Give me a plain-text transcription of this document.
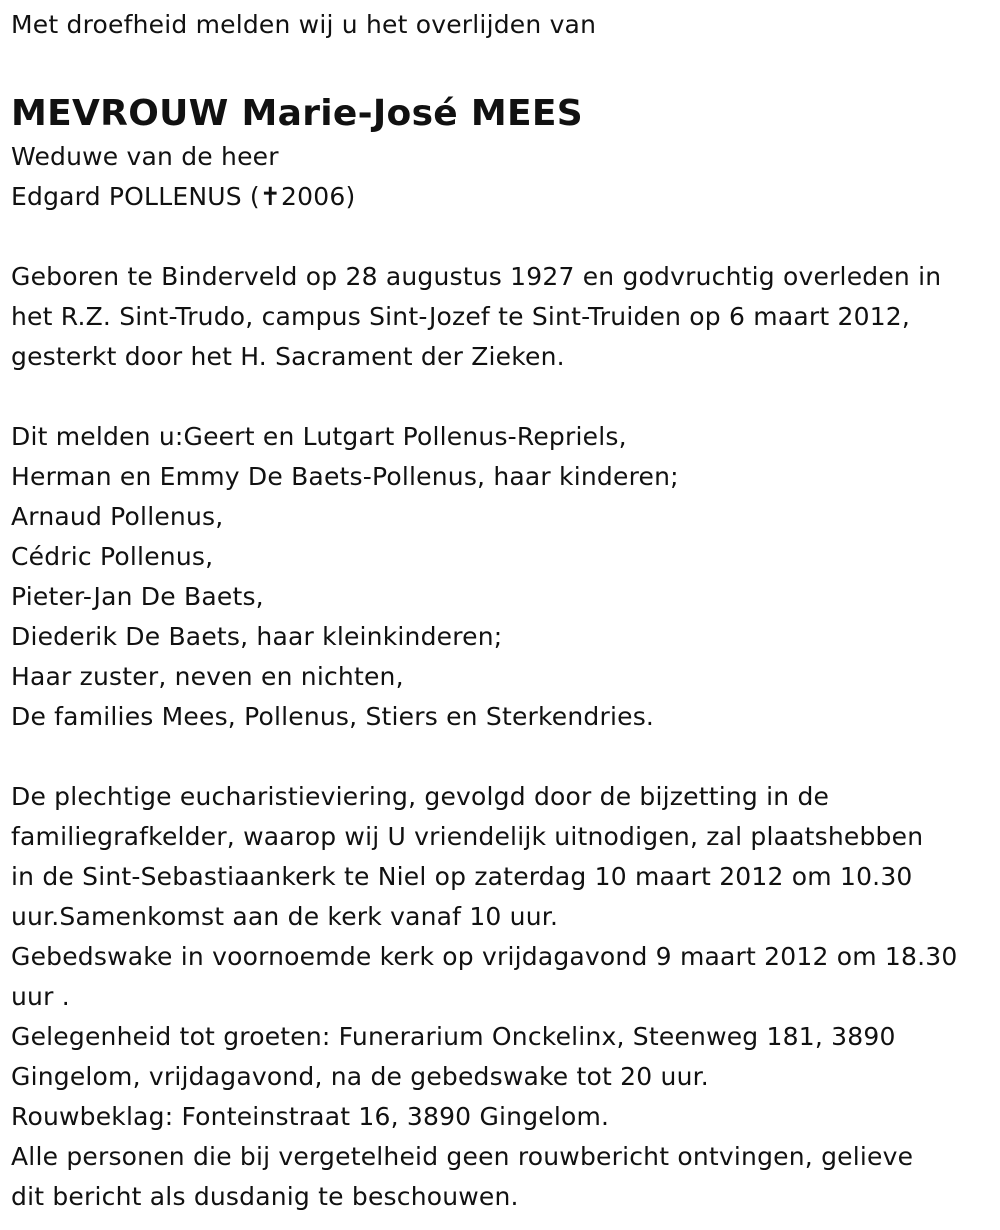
Met droefheid melden wij u het overlijden van
MEVROUW Marie-José MEES
Weduwe van de heer
Edgard POLLENUS (✝2006)
Geboren te Binderveld op 28 augustus 1927 en godvruchtig overleden in
het R.Z. Sint-Trudo, campus Sint-Jozef te Sint-Truiden op 6 maart 2012,
gesterkt door het H. Sacrament der Zieken.
Dit melden u:Geert en Lutgart Pollenus-Repriels,
Herman en Emmy De Baets-Pollenus, haar kinderen;
Arnaud Pollenus,
Cédric Pollenus,
Pieter-Jan De Baets,
Diederik De Baets, haar kleinkinderen;
Haar zuster, neven en nichten,
De families Mees, Pollenus, Stiers en Sterkendries.
De plechtige eucharistieviering, gevolgd door de bijzetting in de
familiegrafkelder, waarop wij U vriendelijk uitnodigen, zal plaatshebben
in de Sint-Sebastiaankerk te Niel op zaterdag 10 maart 2012 om 10.30
uur.Samenkomst aan de kerk vanaf 10 uur.
Gebedswake in voornoemde kerk op vrijdagavond 9 maart 2012 om 18.30
uur .
Gelegenheid tot groeten: Funerarium Onckelinx, Steenweg 181, 3890
Gingelom, vrijdagavond, na de gebedswake tot 20 uur.
Rouwbeklag: Fonteinstraat 16, 3890 Gingelom.
Alle personen die bij vergetelheid geen rouwbericht ontvingen, gelieve
dit bericht als dusdanig te beschouwen.
